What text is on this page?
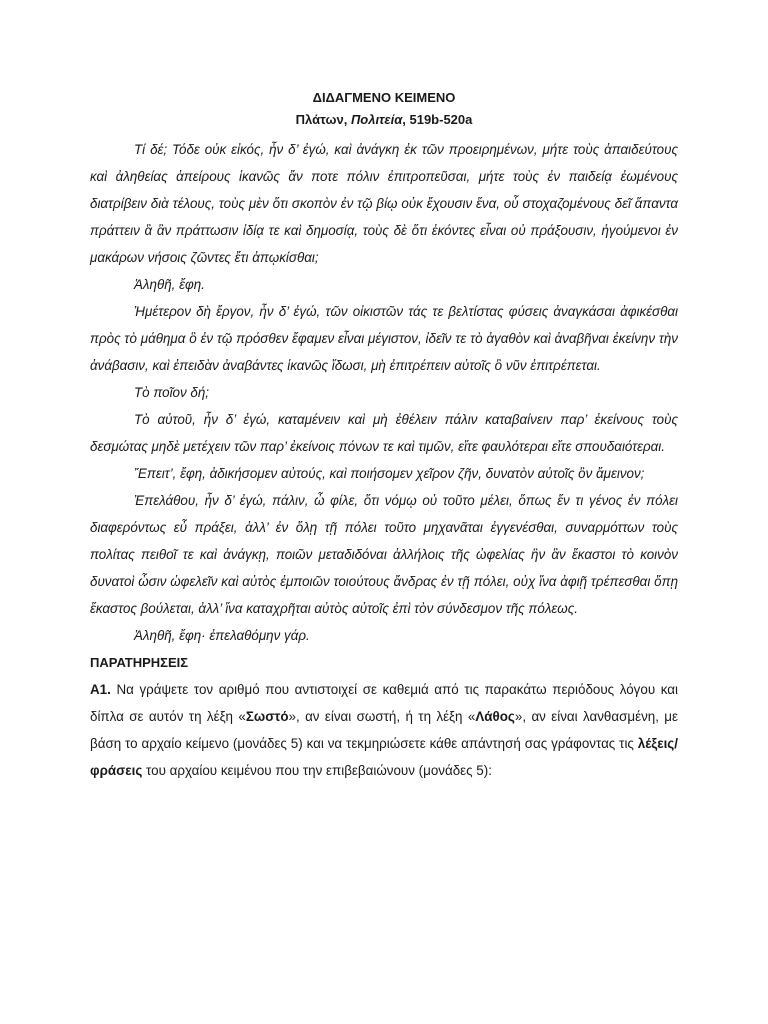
ΔΙΔΑΓΜΕΝΟ ΚΕΙΜΕΝΟ

Πλάτων, Πολιτεία, 519b-520a

Τί δέ; Τόδε οὐκ εἰκός, ἦν δ’ ἐγώ, καὶ ἀνάγκη ἐκ τῶν προειρημένων, μήτε τοὺς ἀπαιδεύτους καὶ ἀληθείας ἀπείρους ἱκανῶς ἄν ποτε πόλιν ἐπιτροπεῦσαι, μήτε τοὺς ἐν παιδείᾳ ἐωμένους διατρίβειν διὰ τέλους, τοὺς μὲν ὅτι σκοπὸν ἐν τῷ βίῳ οὐκ ἔχουσιν ἕνα, οὗ στοχαζομένους δεῖ ἅπαντα πράττειν ἃ ἂν πράττωσιν ἰδίᾳ τε καὶ δημοσίᾳ, τοὺς δὲ ὅτι ἑκόντες εἶναι οὐ πράξουσιν, ἡγούμενοι ἐν μακάρων νήσοις ζῶντες ἔτι ἀπῳκίσθαι;

Ἀληθῆ, ἔφη.

Ἡμέτερον δὴ ἔργον, ἦν δ’ ἐγώ, τῶν οἰκιστῶν τάς τε βελτίστας φύσεις ἀναγκάσαι ἀφικέσθαι πρὸς τὸ μάθημα ὃ ἐν τῷ πρόσθεν ἔφαμεν εἶναι μέγιστον, ἰδεῖν τε τὸ ἀγαθὸν καὶ ἀναβῆναι ἐκείνην τὴν ἀνάβασιν, καὶ ἐπειδὰν ἀναβάντες ἱκανῶς ἴδωσι, μὴ ἐπιτρέπειν αὐτοῖς ὃ νῦν ἐπιτρέπεται.

Τὸ ποῖον δή;

Τὸ αὐτοῦ, ἦν δ’ ἐγώ, καταμένειν καὶ μὴ ἐθέλειν πάλιν καταβαίνειν παρ’ ἐκείνους τοὺς δεσμώτας μηδὲ μετέχειν τῶν παρ’ ἐκείνοις πόνων τε καὶ τιμῶν, εἴτε φαυλότεραι εἴτε σπουδαιότεραι.

Ἔπειτ’, ἔφη, ἀδικήσομεν αὐτούς, καὶ ποιήσομεν χεῖρον ζῆν, δυνατὸν αὐτοῖς ὂν ἄμεινον;

Ἐπελάθου, ἦν δ’ ἐγώ, πάλιν, ὦ φίλε, ὅτι νόμῳ οὐ τοῦτο μέλει, ὅπως ἕν τι γένος ἐν πόλει διαφερόντως εὖ πράξει, ἀλλ’ ἐν ὅλῃ τῇ πόλει τοῦτο μηχανᾶται ἐγγενέσθαι, συναρμόττων τοὺς πολίτας πειθοῖ τε καὶ ἀνάγκῃ, ποιῶν μεταδιδόναι ἀλλήλοις τῆς ὠφελίας ἣν ἂν ἕκαστοι τὸ κοινὸν δυνατοὶ ὦσιν ὠφελεῖν καὶ αὐτὸς ἐμποιῶν τοιούτους ἄνδρας ἐν τῇ πόλει, οὐχ ἵνα ἀφιῇ τρέπεσθαι ὅπῃ ἕκαστος βούλεται, ἀλλ’ ἵνα καταχρῆται αὐτὸς αὐτοῖς ἐπὶ τὸν σύνδεσμον τῆς πόλεως.

Ἀληθῆ, ἔφη· ἐπελαθόμην γάρ.

ΠΑΡΑΤΗΡΗΣΕΙΣ

Α1. Να γράψετε τον αριθμό που αντιστοιχεί σε καθεμιά από τις παρακάτω περιόδους λόγου και δίπλα σε αυτόν τη λέξη «Σωστό», αν είναι σωστή, ή τη λέξη «Λάθος», αν είναι λανθασμένη, με βάση το αρχαίο κείμενο (μονάδες 5) και να τεκμηριώσετε κάθε απάντησή σας γράφοντας τις λέξεις/φράσεις του αρχαίου κειμένου που την επιβεβαιώνουν (μονάδες 5):
